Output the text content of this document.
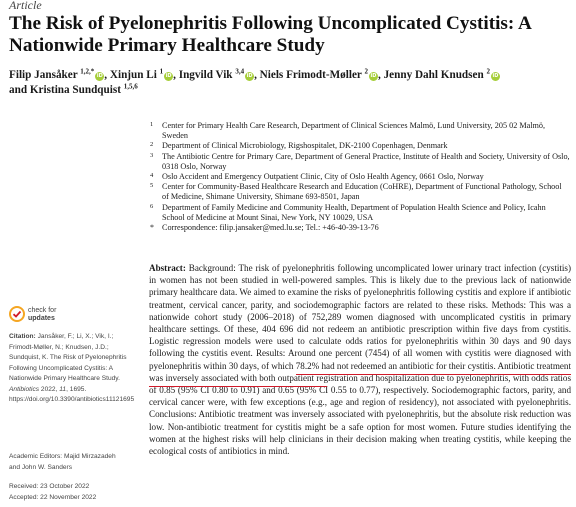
Article
The Risk of Pyelonephritis Following Uncomplicated Cystitis: A Nationwide Primary Healthcare Study
Filip Jansåker $^{1,2,*}$iD , Xinjun Li $^1$iD , Ingvild Vik $^{3,4}$iD , Niels Frimodt-Møller $^2$iD , Jenny Dahl Knudsen $^2$iD
and Kristina Sundquist $^{1,5,6}$
1 Center for Primary Health Care Research, Department of Clinical Sciences Malmö, Lund University, 205 02 Malmö, Sweden
2 Department of Clinical Microbiology, Rigshospitalet, DK-2100 Copenhagen, Denmark
3 The Antibiotic Centre for Primary Care, Department of General Practice, Institute of Health and Society, University of Oslo, 0318 Oslo, Norway
4 Oslo Accident and Emergency Outpatient Clinic, City of Oslo Health Agency, 0661 Oslo, Norway
5 Center for Community-Based Healthcare Research and Education (CoHRE), Department of Functional Pathology, School of Medicine, Shimane University, Shimane 693-8501, Japan
6 Department of Family Medicine and Community Health, Department of Population Health Science and Policy, Icahn School of Medicine at Mount Sinai, New York, NY 10029, USA
* Correspondence: filip.jansaker@med.lu.se; Tel.: +46-40-39-13-76
check for
updates
Citation: Jansåker, F.; Li, X.; Vik, I.; Frimodt-Møller, N.; Knudsen, J.D.; Sundquist, K. The Risk of Pyelonephritis Following Uncomplicated Cystitis: A Nationwide Primary Healthcare Study. Antibiotics 2022, 11, 1695. https://doi.org/10.3390/antibiotics11121695
Academic Editors: Majid Mirzazadeh
and John W. Sanders
Received: 23 October 2022
Accepted: 22 November 2022

Abstract: Background: The risk of pyelonephritis following uncomplicated lower urinary tract infection (cystitis) in women has not been studied in well-powered samples. This is likely due to the previous lack of nationwide primary healthcare data. We aimed to examine the risks of pyelonephritis following cystitis and explore if antibiotic treatment, cervical cancer, parity, and sociodemographic factors are related to these risks. Methods: This was a nationwide cohort study (2006–2018) of 752,289 women diagnosed with uncomplicated cystitis in primary healthcare settings. Of these, 404 696 did not redeem an antibiotic prescription within five days from cystitis. Logistic regression models were used to calculate odds ratios for pyelonephritis within 30 days and 90 days following the cystitis event. Results: Around one percent (7454) of all women with cystitis were diagnosed with pyelonephritis within 30 days, of which 78.2% had not redeemed an antibiotic for their cystitis. Antibiotic treatment was inversely associated with both outpatient registration and hospitalization due to pyelonephritis, with odds ratios of 0.85 (95% CI 0.80 to 0.91) and 0.65 (95% CI 0.55 to 0.77), respectively. Sociodemographic factors, parity, and cervical cancer were, with few exceptions (e.g., age and region of residency), not associated with pyelonephritis. Conclusions: Antibiotic treatment was inversely associated with pyelonephritis, but the absolute risk reduction was low. Non-antibiotic treatment for cystitis might be a safe option for most women. Future studies identifying the women at the highest risks will help clinicians in their decision making when treating cystitis, while keeping the ecological costs of antibiotics in mind.
